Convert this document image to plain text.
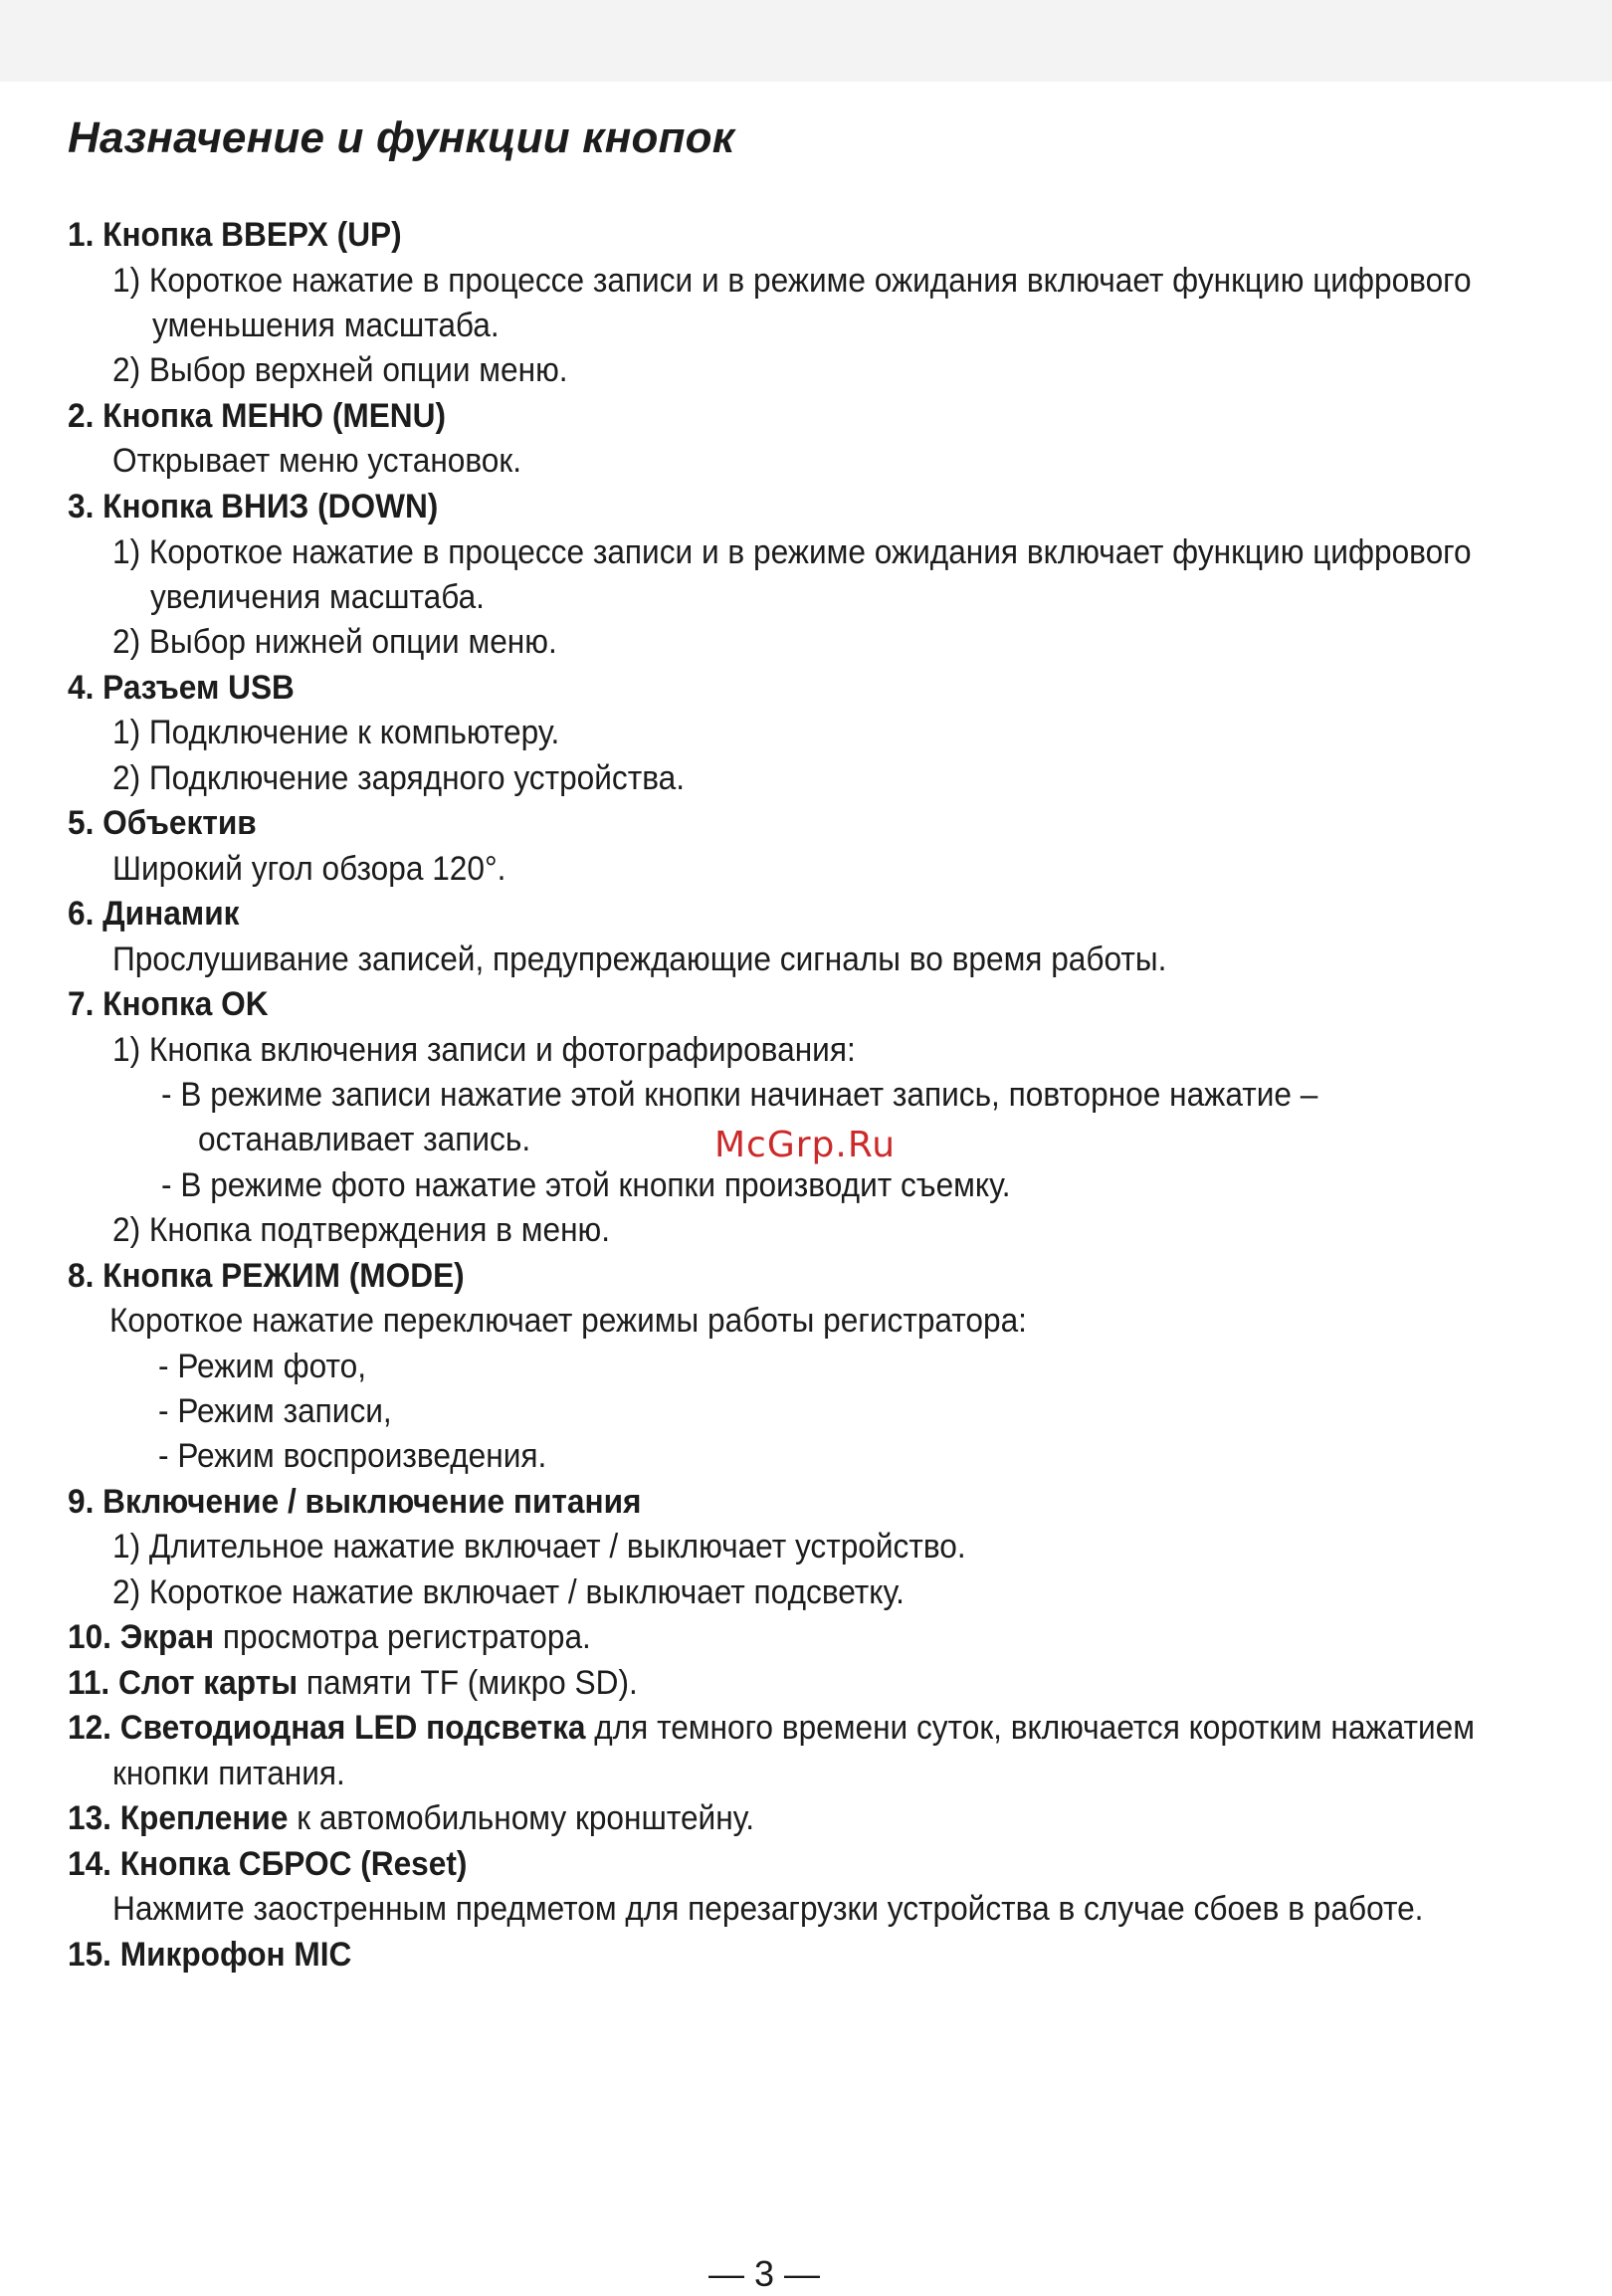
Назначение и функции кнопок
1. Кнопка ВВЕРХ (UP)
1) Короткое нажатие в процессе записи и в режиме ожидания включает функцию цифрового
уменьшения масштаба.
2) Выбор верхней опции меню.
2. Кнопка МЕНЮ (MENU)
Открывает меню установок.
3. Кнопка ВНИЗ (DOWN)
1) Короткое нажатие в процессе записи и в режиме ожидания включает функцию цифрового
увеличения масштаба.
2) Выбор нижней опции меню.
4. Разъем USB
1) Подключение к компьютеру.
2) Подключение зарядного устройства.
5. Объектив
Широкий угол обзора 120°.
6. Динамик
Прослушивание записей, предупреждающие сигналы во время работы.
7. Кнопка OK
1) Кнопка включения записи и фотографирования:
- В режиме записи нажатие этой кнопки начинает запись, повторное нажатие –
останавливает запись.
- В режиме фото нажатие этой кнопки производит съемку.
2) Кнопка подтверждения в меню.
8. Кнопка РЕЖИМ (MODE)
Короткое нажатие переключает режимы работы регистратора:
- Режим фото,
- Режим записи,
- Режим воспроизведения.
9. Включение / выключение питания
1) Длительное нажатие включает / выключает устройство.
2) Короткое нажатие включает / выключает подсветку.
10. Экран просмотра регистратора.
11. Слот карты памяти TF (микро SD).
12. Светодиодная LED подсветка для темного времени суток, включается коротким нажатием
кнопки питания.
13. Крепление к автомобильному кронштейну.
14. Кнопка СБРОС (Reset)
Нажмите заостренным предметом для перезагрузки устройства в случае сбоев в работе.
15. Микрофон MIC
McGrp.Ru
— 3 —
